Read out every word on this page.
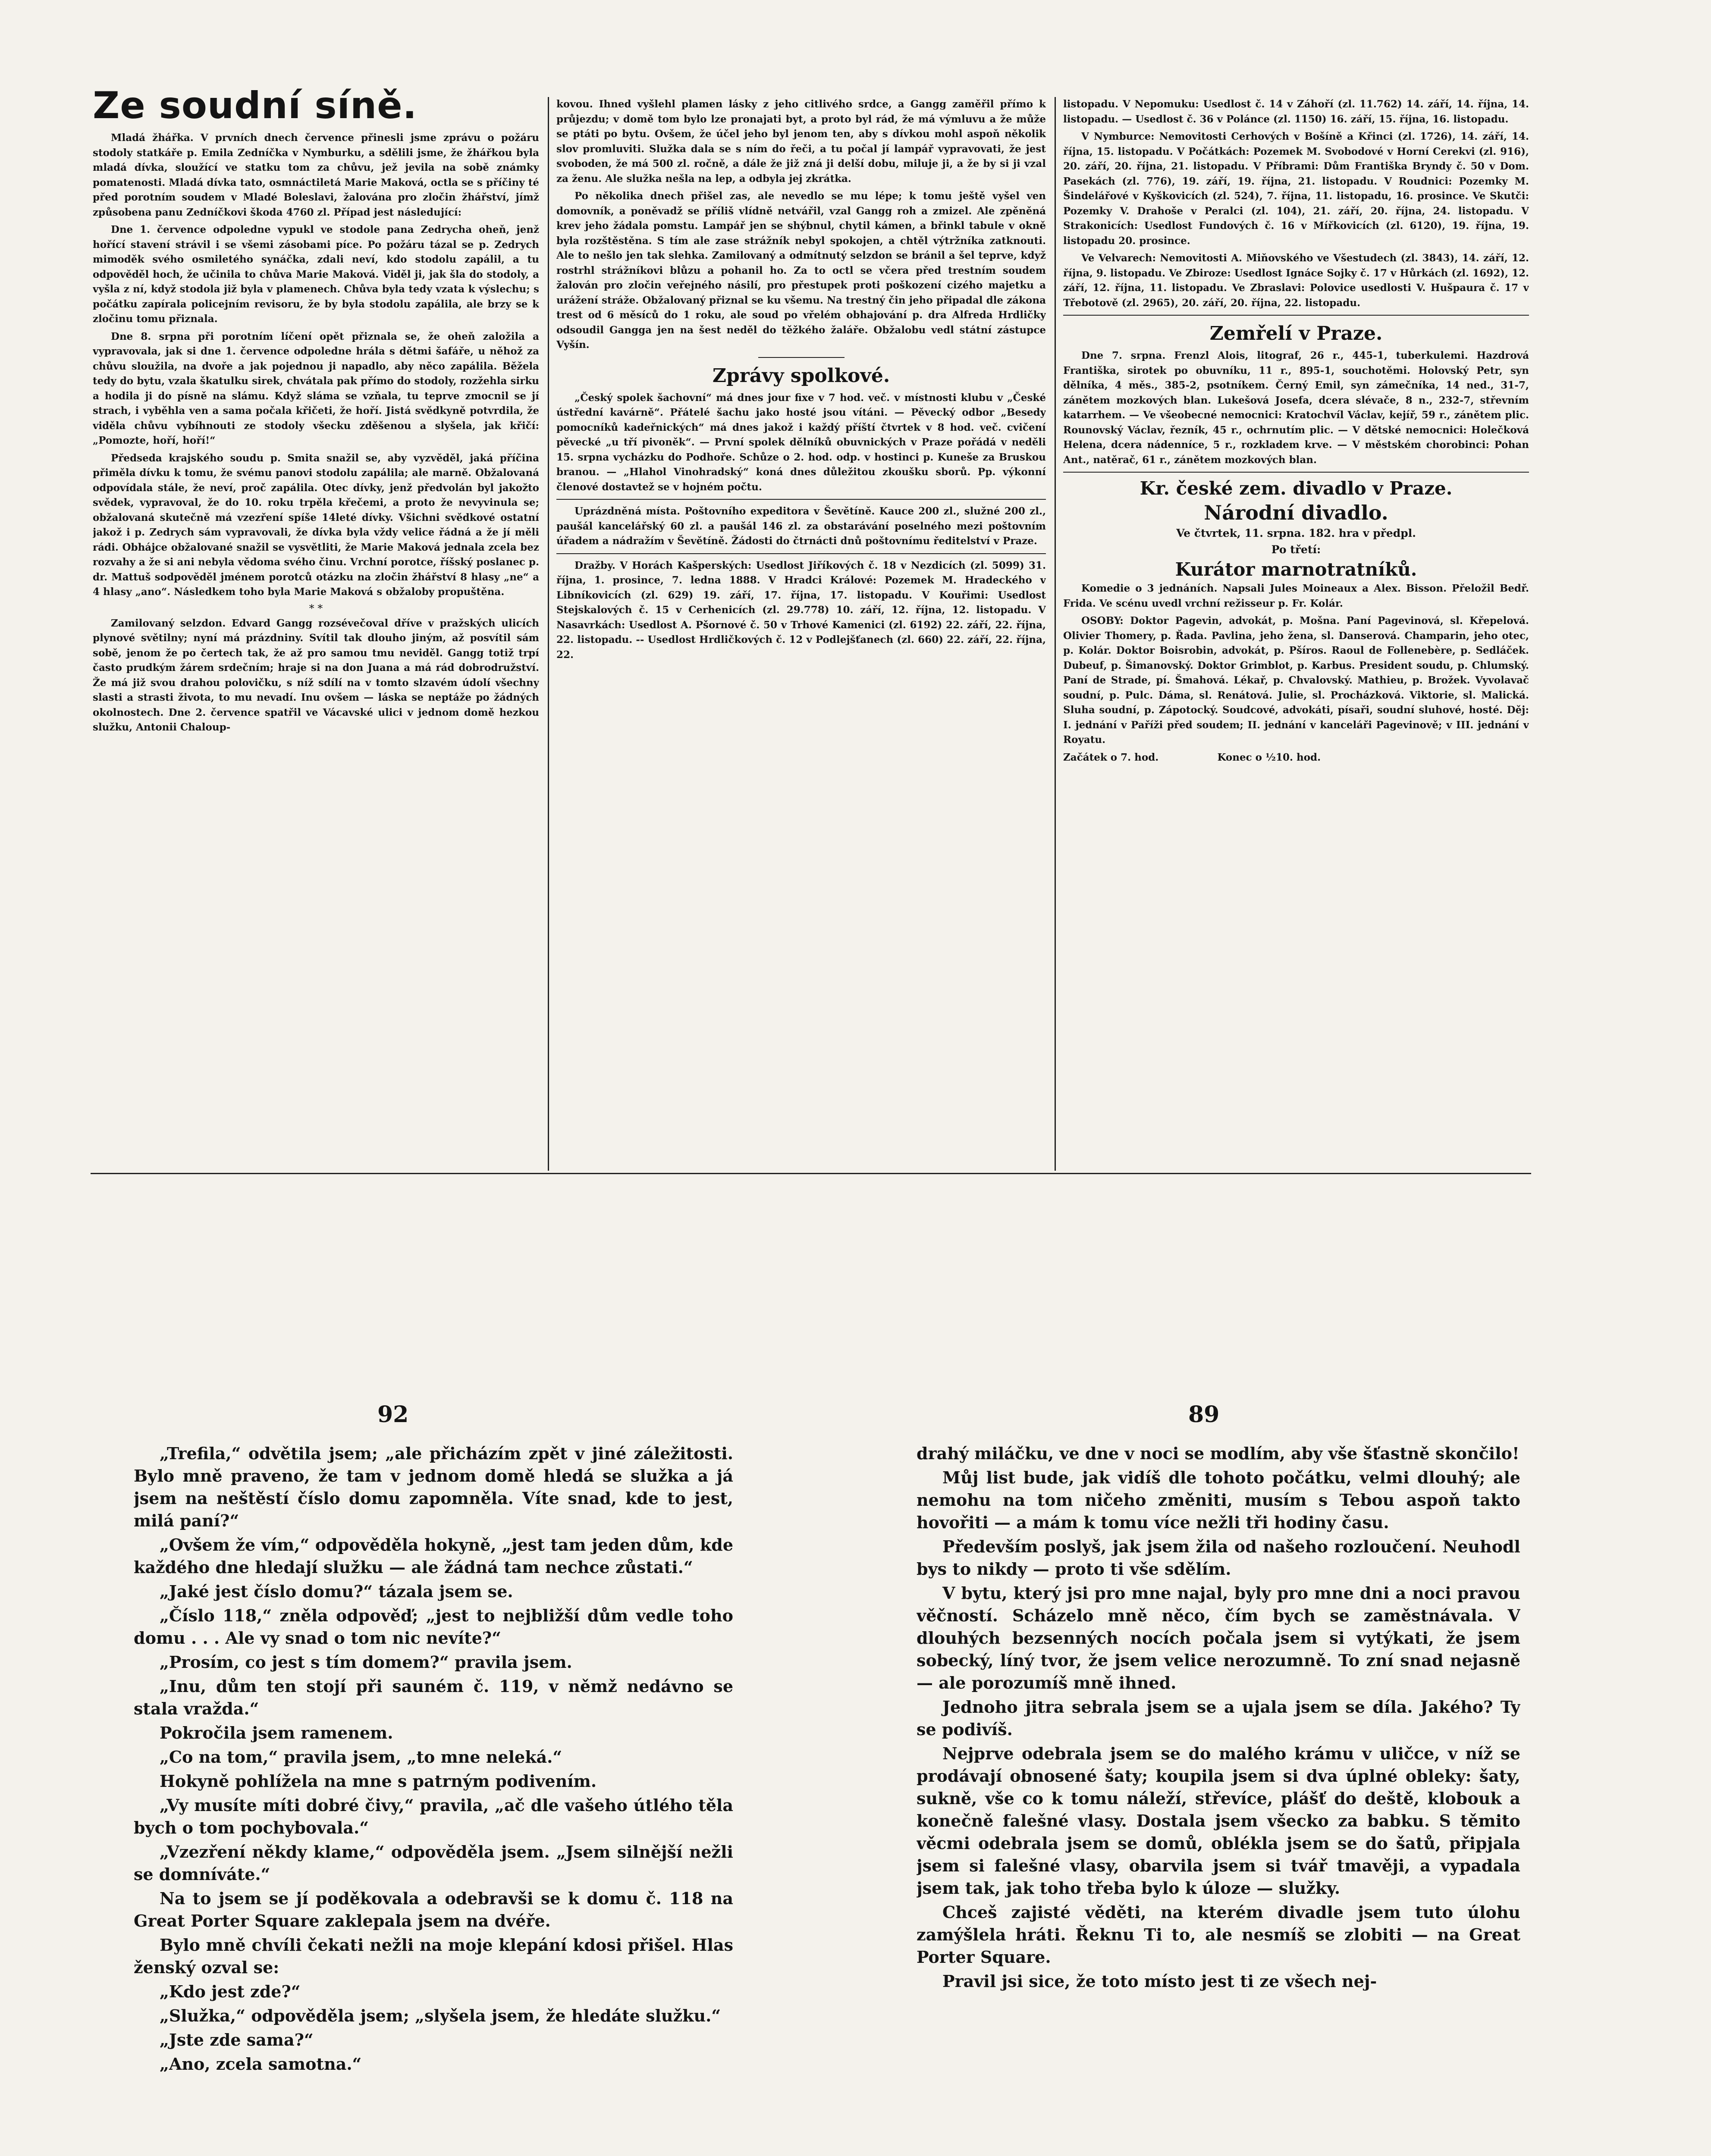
Ze soudní síně.

Mladá žhářka. V prvních dnech července přinesli jsme zprávu o požáru stodoly statkáře p. Emila Zedníčka v Nymburku, a sdělili jsme, že žhářkou byla mladá dívka, sloužící ve statku tom za chůvu, jež jevila na sobě známky pomatenosti. Mladá dívka tato, osmnáctiletá Marie Maková, octla se s příčiny té před porotním soudem v Mladé Boleslavi, žalována pro zločin žhářství, jímž způsobena panu Zedníčkovi škoda 4760 zl. Případ jest následující:

Dne 1. července odpoledne vypukl ve stodole pana Zedrycha oheň, jenž hořící stavení strávil i se všemi zásobami píce. Po požáru tázal se p. Zedrych mimoděk svého osmiletého synáčka, zdali neví, kdo stodolu zapálil, a tu odpověděl hoch, že učinila to chůva Marie Maková. Viděl ji, jak šla do stodoly, a vyšla z ní, když stodola již byla v plamenech. Chůva byla tedy vzata k výslechu; s počátku zapírala policejním revisoru, že by byla stodolu zapálila, ale brzy se k zločinu tomu přiznala.

Dne 8. srpna při porotním líčení opět přiznala se, že oheň založila a vypravovala, jak si dne 1. července odpoledne hrála s dětmi šafáře, u něhož za chůvu sloužila, na dvoře a jak pojednou ji napadlo, aby něco zapálila. Běžela tedy do bytu, vzala škatulku sirek, chvátala pak přímo do stodoly, rozžehla sirku a hodila ji do písně na slámu. Když sláma se vzňala, tu teprve zmocnil se jí strach, i vyběhla ven a sama počala křičeti, že hoří. Jistá svědkyně potvrdila, že viděla chůvu vybíhnouti ze stodoly všecku zděšenou a slyšela, jak křičí: „Pomozte, hoří, hoří!“

Předseda krajského soudu p. Smita snažil se, aby vyzvěděl, jaká příčina přiměla dívku k tomu, že svému panovi stodolu zapálila; ale marně. Obžalovaná odpovídala stále, že neví, proč zapálila. Otec dívky, jenž předvolán byl jakožto svědek, vypravoval, že do 10. roku trpěla křečemi, a proto že nevyvinula se; obžalovaná skutečně má vzezření spíše 14leté dívky. Všichni svědkové ostatní jakož i p. Zedrych sám vypravovali, že dívka byla vždy velice řádná a že jí měli rádi. Obhájce obžalované snažil se vysvětliti, že Marie Maková jednala zcela bez rozvahy a že si ani nebyla vědoma svého činu. Vrchní porotce, říšský poslanec p. dr. Mattuš sodpověděl jménem porotců otázku na zločin žhářství 8 hlasy „ne“ a 4 hlasy „ano“. Následkem toho byla Marie Maková s obžaloby propuštěna.

* *

Zamilovaný selzdon. Edvard Gangg rozsévečoval dříve v pražských ulicích plynové světilny; nyní má prázdniny. Svítil tak dlouho jiným, až posvítil sám sobě, jenom že po čertech tak, že až pro samou tmu neviděl. Gangg totiž trpí často prudkým žárem srdečním; hraje si na don Juana a má rád dobrodružství. Že má již svou drahou polovičku, s níž sdílí na v tomto slzavém údolí všechny slasti a strasti života, to mu nevadí. Inu ovšem — láska se neptáže po žádných okolnostech. Dne 2. července spatřil ve Vácavské ulici v jednom domě hezkou služku, Antonii Chaloup-

kovou. Ihned vyšlehl plamen lásky z jeho citlivého srdce, a Gangg zaměřil přímo k průjezdu; v domě tom bylo lze pronajati byt, a proto byl rád, že má výmluvu a že může se ptáti po bytu. Ovšem, že účel jeho byl jenom ten, aby s dívkou mohl aspoň několik slov promluviti. Služka dala se s ním do řeči, a tu počal jí lampář vypravovati, že jest svoboden, že má 500 zl. ročně, a dále že již zná ji delší dobu, miluje ji, a že by si ji vzal za ženu. Ale služka nešla na lep, a odbyla jej zkrátka.

Po několika dnech přišel zas, ale nevedlo se mu lépe; k tomu ještě vyšel ven domovník, a poněvadž se příliš vlídně netvářil, vzal Gangg roh a zmizel. Ale zpěněná krev jeho žádala pomstu. Lampář jen se shýbnul, chytil kámen, a břinkl tabule v okně byla rozštěstěna. S tím ale zase strážník nebyl spokojen, a chtěl výtržníka zatknouti. Ale to nešlo jen tak slehka. Zamilovaný a odmítnutý selzdon se bránil a šel teprve, když rostrhl strážníkovi blůzu a pohanil ho. Za to octl se včera před trestním soudem žalován pro zločin veřejného násilí, pro přestupek proti poškození cizého majetku a urážení stráže. Obžalovaný přiznal se ku všemu. Na trestný čin jeho připadal dle zákona trest od 6 měsíců do 1 roku, ale soud po vřelém obhajování p. dra Alfreda Hrdličky odsoudil Gangga jen na šest neděl do těžkého žaláře. Obžalobu vedl státní zástupce Vyšín.

Zprávy spolkové.

„Český spolek šachovní“ má dnes jour fixe v 7 hod. več. v místnosti klubu v „České ústřední kavárně“. Přátelé šachu jako hosté jsou vítáni. — Pěvecký odbor „Besedy pomocníků kadeřnických“ má dnes jakož i každý příští čtvrtek v 8 hod. več. cvičení pěvecké „u tří pivoněk“. — První spolek dělníků obuvnických v Praze pořádá v neděli 15. srpna vycházku do Podhoře. Schůze o 2. hod. odp. v hostinci p. Kuneše za Bruskou branou. — „Hlahol Vinohradský“ koná dnes důležitou zkoušku sborů. Pp. výkonní členové dostavtež se v hojném počtu.

Uprázdněná místa. Poštovního expeditora v Ševětíně. Kauce 200 zl., služné 200 zl., paušál kancelářský 60 zl. a paušál 146 zl. za obstarávání poselného mezi poštovním úřadem a nádražím v Ševětíně. Žádosti do čtrnácti dnů poštovnímu ředitelství v Praze.

Dražby. V Horách Kašperských: Usedlost Jiříkových č. 18 v Nezdicích (zl. 5099) 31. října, 1. prosince, 7. ledna 1888. V Hradci Králové: Pozemek M. Hradeckého v Libníkovicích (zl. 629) 19. září, 17. října, 17. listopadu. V Kouřimi: Usedlost Stejskalových č. 15 v Cerhenicích (zl. 29.778) 10. září, 12. října, 12. listopadu. V Nasavrkách: Usedlost A. Pšornové č. 50 v Trhové Kamenici (zl. 6192) 22. září, 22. října, 22. listopadu. -- Usedlost Hrdličkových č. 12 v Podlejšťanech (zl. 660) 22. září, 22. října, 22.

listopadu. V Nepomuku: Usedlost č. 14 v Záhoří (zl. 11.762) 14. září, 14. října, 14. listopadu. — Usedlost č. 36 v Polánce (zl. 1150) 16. září, 15. října, 16. listopadu.

V Nymburce: Nemovitosti Cerhových v Bošíně a Křinci (zl. 1726), 14. září, 14. října, 15. listopadu. V Počátkách: Pozemek M. Svobodové v Horní Cerekvi (zl. 916), 20. září, 20. října, 21. listopadu. V Příbrami: Dům Františka Bryndy č. 50 v Dom. Pasekách (zl. 776), 19. září, 19. října, 21. listopadu. V Roudnici: Pozemky M. Šindelářové v Kyškovicích (zl. 524), 7. října, 11. listopadu, 16. prosince. Ve Skutči: Pozemky V. Drahoše v Peralci (zl. 104), 21. září, 20. října, 24. listopadu. V Strakonicích: Usedlost Fundových č. 16 v Mířkovicích (zl. 6120), 19. října, 19. listopadu 20. prosince.

Ve Velvarech: Nemovitosti A. Miňovského ve Všestudech (zl. 3843), 14. září, 12. října, 9. listopadu. Ve Zbiroze: Usedlost Ignáce Sojky č. 17 v Hůrkách (zl. 1692), 12. září, 12. října, 11. listopadu. Ve Zbraslavi: Polovice usedlosti V. Hušpaura č. 17 v Třebotově (zl. 2965), 20. září, 20. října, 22. listopadu.

Zemřelí v Praze.

Dne 7. srpna. Frenzl Alois, litograf, 26 r., 445-1, tuberkulemi. Hazdrová Františka, sirotek po obuvníku, 11 r., 895-1, souchotěmi. Holovský Petr, syn dělníka, 4 měs., 385-2, psotníkem. Černý Emil, syn zámečníka, 14 ned., 31-7, zánětem mozkových blan. Lukešová Josefa, dcera slévače, 8 n., 232-7, střevním katarrhem. — Ve všeobecné nemocnici: Kratochvíl Václav, kejíř, 59 r., zánětem plic. Rounovský Václav, řezník, 45 r., ochrnutím plic. — V dětské nemocnici: Holečková Helena, dcera nádenníce, 5 r., rozkladem krve. — V městském chorobinci: Pohan Ant., natěrač, 61 r., zánětem mozkových blan.

Kr. české zem. divadlo v Praze.

Národní divadlo.

Ve čtvrtek, 11. srpna. 182. hra v předpl.

Po třetí:

Kurátor marnotratníků.

Komedie o 3 jednáních. Napsali Jules Moineaux a Alex. Bisson. Přeložil Bedř. Frida. Ve scénu uvedl vrchní režisseur p. Fr. Kolár.

OSOBY: Doktor Pagevin, advokát, p. Mošna. Paní Pagevinová, sl. Křepelová. Olivier Thomery, p. Řada. Pavlina, jeho žena, sl. Danserová. Champarin, jeho otec, p. Kolár. Doktor Boisrobin, advokát, p. Pšíros. Raoul de Follenebère, p. Sedláček. Dubeuf, p. Šimanovský. Doktor Grimblot, p. Karbus. President soudu, p. Chlumský. Paní de Strade, pí. Šmahová. Lékař, p. Chvalovský. Mathieu, p. Brožek. Vyvolavač soudní, p. Pulc. Dáma, sl. Renátová. Julie, sl. Procházková. Viktorie, sl. Malická. Sluha soudní, p. Zápotocký. Soudcové, advokáti, písaři, soudní sluhové, hosté. Děj: I. jednání v Paříži před soudem; II. jednání v kanceláři Pagevinově; v III. jednání v Royatu.

Začátek o 7. hod.                 Konec o ½10. hod.

92	89

„Trefila,“ odvětila jsem; „ale přicházím zpět v jiné záležitosti. Bylo mně praveno, že tam v jednom domě hledá se služka a já jsem na neštěstí číslo domu zapomněla. Víte snad, kde to jest, milá paní?“

„Ovšem že vím,“ odpověděla hokyně, „jest tam jeden dům, kde každého dne hledají služku — ale žádná tam nechce zůstati.“

„Jaké jest číslo domu?“ tázala jsem se.

„Číslo 118,“ zněla odpověď; „jest to nejbližší dům vedle toho domu . . . Ale vy snad o tom nic nevíte?“

„Prosím, co jest s tím domem?“ pravila jsem.

„Inu, dům ten stojí při sauném č. 119, v němž nedávno se stala vražda.“

Pokročila jsem ramenem.

„Co na tom,“ pravila jsem, „to mne neleká.“

Hokyně pohlížela na mne s patrným podivením.

„Vy musíte míti dobré čivy,“ pravila, „ač dle vašeho útlého těla bych o tom pochybovala.“

„Vzezření někdy klame,“ odpověděla jsem. „Jsem silnější nežli se domníváte.“

Na to jsem se jí poděkovala a odebravši se k domu č. 118 na Great Porter Square zaklepala jsem na dvéře.

Bylo mně chvíli čekati nežli na moje klepání kdosi přišel. Hlas ženský ozval se:

„Kdo jest zde?“

„Služka,“ odpověděla jsem; „slyšela jsem, že hledáte služku.“

„Jste zde sama?“

„Ano, zcela samotna.“

drahý miláčku, ve dne v noci se modlím, aby vše šťastně skončilo!

Můj list bude, jak vidíš dle tohoto počátku, velmi dlouhý; ale nemohu na tom ničeho změniti, musím s Tebou aspoň takto hovořiti — a mám k tomu více nežli tři hodiny času.

Především poslyš, jak jsem žila od našeho rozloučení. Neuhodl bys to nikdy — proto ti vše sdělím.

V bytu, který jsi pro mne najal, byly pro mne dni a noci pravou věčností. Scházelo mně něco, čím bych se zaměstnávala. V dlouhých bezsenných nocích počala jsem si vytýkati, že jsem sobecký, líný tvor, že jsem velice nerozumně. To zní snad nejasně — ale porozumíš mně ihned.

Jednoho jitra sebrala jsem se a ujala jsem se díla. Jakého? Ty se podivíš.

Nejprve odebrala jsem se do malého krámu v uličce, v níž se prodávají obnosené šaty; koupila jsem si dva úplné obleky: šaty, sukně, vše co k tomu náleží, střevíce, plášť do deště, klobouk a konečně falešné vlasy. Dostala jsem všecko za babku. S těmito věcmi odebrala jsem se domů, oblékla jsem se do šatů, připjala jsem si falešné vlasy, obarvila jsem si tvář tmavěji, a vypadala jsem tak, jak toho třeba bylo k úloze — služky.

Chceš zajisté věděti, na kterém divadle jsem tuto úlohu zamýšlela hráti. Řeknu Ti to, ale nesmíš se zlobiti — na Great Porter Square.

Pravil jsi sice, že toto místo jest ti ze všech nej-
